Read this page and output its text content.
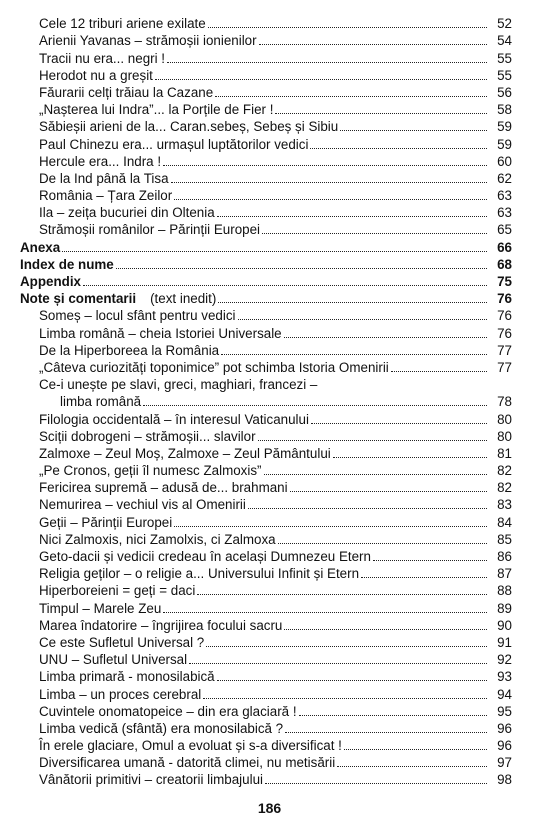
Cele 12 triburi ariene exilate	52
Arienii Yavanas – strămoșii ionienilor	54
Tracii nu era... negri !	55
Herodot nu a greșit	55
Făurarii celți trăiau la Cazane	56
„Nașterea lui Indra”... la Porțile de Fier !	58
Săbieșii arieni de la... Caran.sebeș, Sebeș și Sibiu	59
Paul Chinezu era... urmașul luptătorilor vedici	59
Hercule era... Indra !	60
De la Ind până la Tisa	62
România – Țara Zeilor	63
Ila – zeița bucuriei din Oltenia	63
Strămoșii românilor – Părinții Europei	65
Anexa	66
Index de nume	68
Appendix	75
Note și comentarii (text inedit)	76
Someș – locul sfânt pentru vedici	76
Limba română – cheia Istoriei Universale	76
De la Hiperboreea la România	77
„Câteva curiozități toponimice” pot schimba Istoria Omenirii	77
Ce-i unește pe slavi, greci, maghiari, francezi –
limba română	78
Filologia occidentală – în interesul Vaticanului	80
Sciții dobrogeni – strămoșii... slavilor	80
Zalmoxe – Zeul Moș, Zalmoxe – Zeul Pământului	81
„Pe Cronos, geții îl numesc Zalmoxis”	82
Fericirea supremă – adusă de... brahmani	82
Nemurirea – vechiul vis al Omenirii	83
Geții – Părinții Europei	84
Nici Zalmoxis, nici Zamolxis, ci Zalmoxa	85
Geto-dacii și vedicii credeau în același Dumnezeu Etern	86
Religia geților – o religie a... Universului Infinit și Etern	87
Hiperboreieni = geți = daci	88
Timpul – Marele Zeu	89
Marea îndatorire – îngrijirea focului sacru	90
Ce este Sufletul Universal ?	91
UNU – Sufletul Universal	92
Limba primară - monosilabică	93
Limba – un proces cerebral	94
Cuvintele onomatopeice – din era glaciară !	95
Limba vedică (sfântă) era monosilabică ?	96
În erele glaciare, Omul a evoluat și s-a diversificat !	96
Diversificarea umană - datorită climei, nu metisării	97
Vânătorii primitivi – creatorii limbajului	98
186
